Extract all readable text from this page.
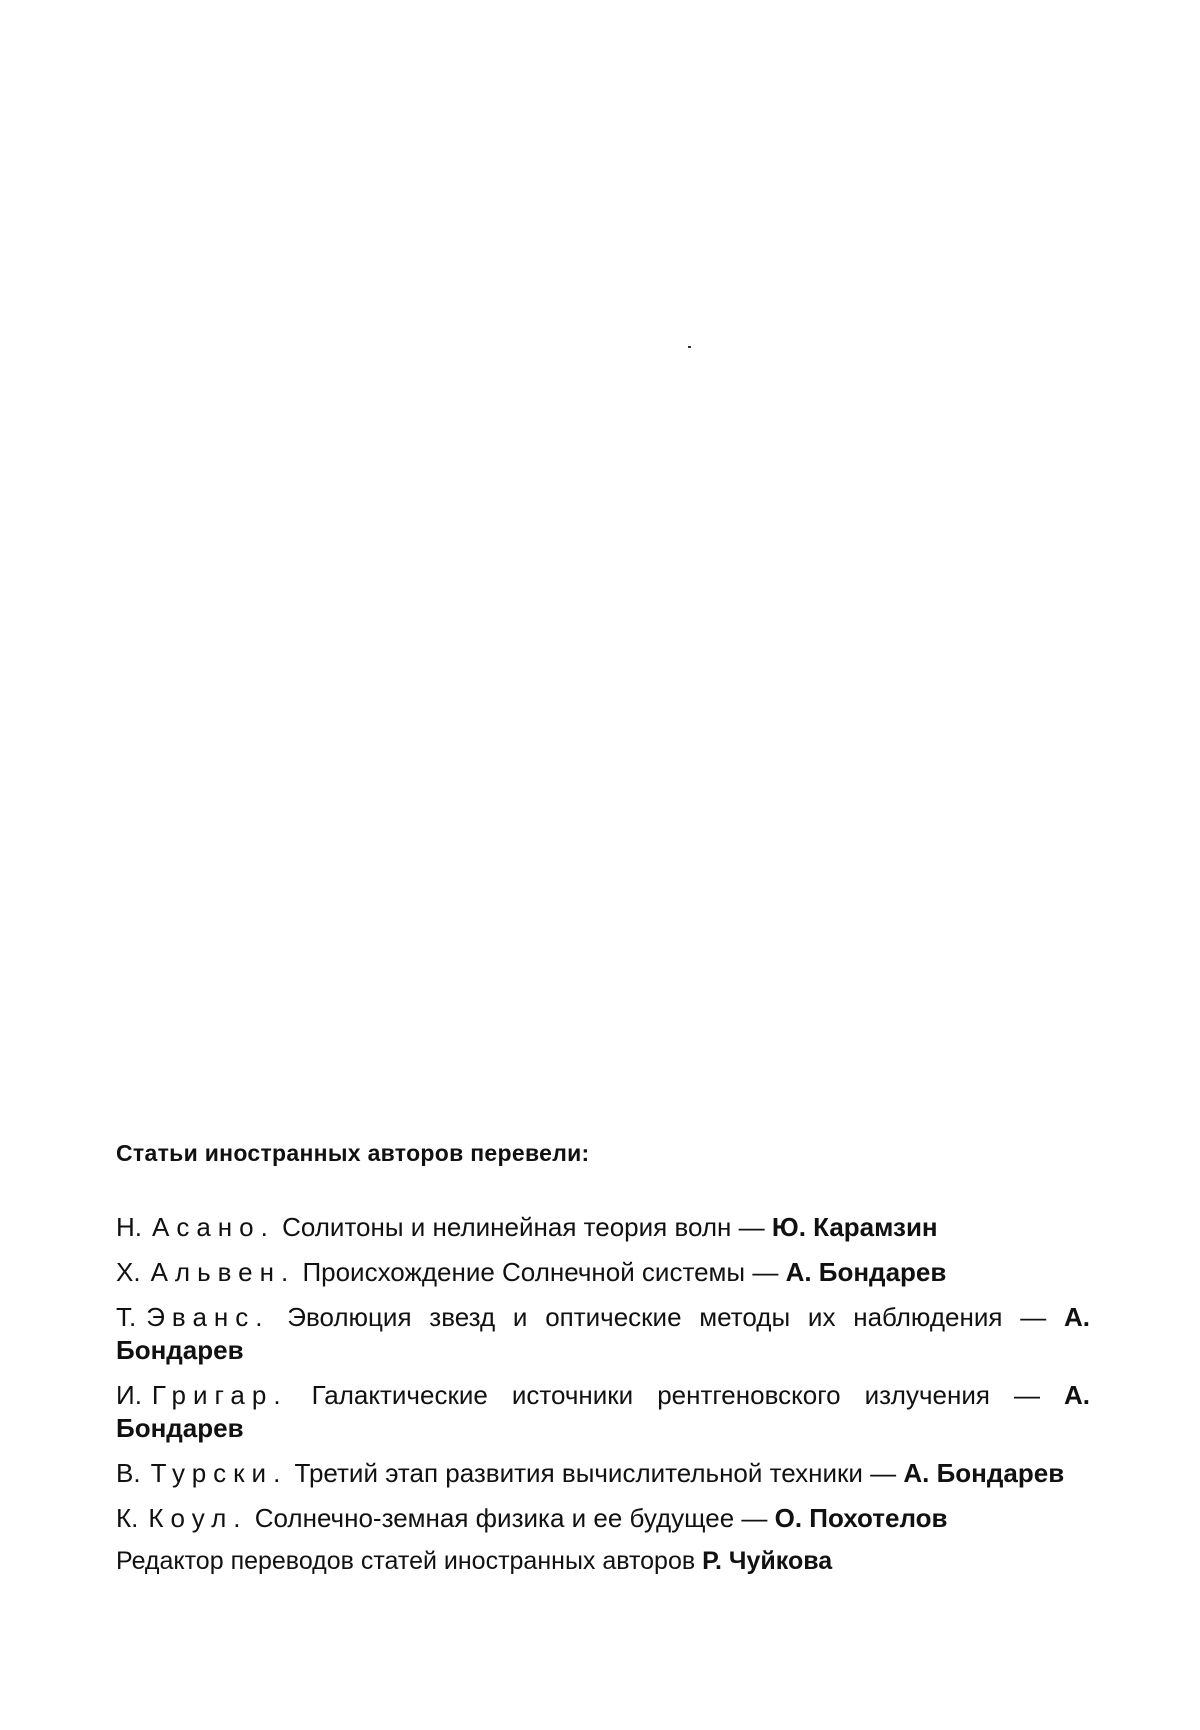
Статьи иностранных авторов перевели:
Н. Асано. Солитоны и нелинейная теория волн — Ю. Карамзин
X. Альвен. Происхождение Солнечной системы — А. Бондарев
Т. Эванс. Эволюция звезд и оптические методы их наблюдения — А. Бондарев
И. Григар. Галактические источники рентгеновского излучения — А. Бондарев
В. Турски. Третий этап развития вычислительной техники — А. Бондарев
К. Коул. Солнечно-земная физика и ее будущее — О. Похотелов
Редактор переводов статей иностранных авторов Р. Чуйкова
